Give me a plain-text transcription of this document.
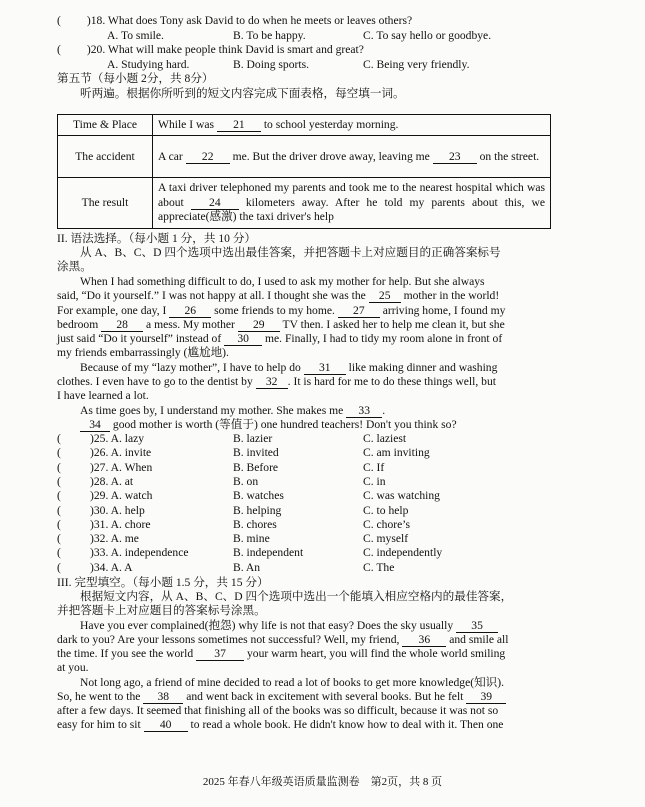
( )18. What does Tony ask David to do when he meets or leaves others?
A. To smile.	B. To be happy.	C. To say hello or goodbye.
( )20. What will make people think David is smart and great?
A. Studying hard.	B. Doing sports.	C. Being very friendly.
第五节（每小题 2分，共 8分）
听两遍。根据你所听到的短文内容完成下面表格，每空填一词。
Time & Place	While I was 21 to school yesterday morning.
The accident	A car 22 me. But the driver drove away, leaving me 23 on the street.
The result	A taxi driver telephoned my parents and took me to the nearest hospital which was about 24 kilometers away. After he told my parents about this, we appreciate(感激) the taxi driver's help
II. 语法选择。（每小题 1 分，共 10 分）
从 A、B、C、D 四个选项中选出最佳答案，并把答题卡上对应题目的正确答案标号
涂黑。
When I had something difficult to do, I used to ask my mother for help. But she always
said, “Do it yourself.” I was not happy at all. I thought she was the 25 mother in the world!
For example, one day, I 26 some friends to my home. 27 arriving home, I found my
bedroom 28 a mess. My mother 29 TV then. I asked her to help me clean it, but she
just said “Do it yourself” instead of 30 me. Finally, I had to tidy my room alone in front of
my friends embarrassingly (尴尬地).
Because of my “lazy mother”, I have to help do 31 like making dinner and washing
clothes. I even have to go to the dentist by 32 . It is hard for me to do these things well, but
I have learned a lot.
As time goes by, I understand my mother. She makes me 33 .
34 good mother is worth (等值于) one hundred teachers! Don't you think so?
(	)25. A. lazy	B. lazier	C. laziest
(	)26. A. invite	B. invited	C. am inviting
(	)27. A. When	B. Before	C. If
(	)28. A. at	B. on	C. in
(	)29. A. watch	B. watches	C. was watching
(	)30. A. help	B. helping	C. to help
(	)31. A. chore	B. chores	C. chore’s
(	)32. A. me	B. mine	C. myself
(	)33. A. independence	B. independent	C. independently
(	)34. A. A	B. An	C. The
III. 完型填空。（每小题 1.5 分，共 15 分）
根据短文内容，从 A、B、C、D 四个选项中选出一个能填入相应空格内的最佳答案，
并把答题卡上对应题目的答案标号涂黑。
Have you ever complained(抱怨) why life is not that easy? Does the sky usually 35
dark to you? Are your lessons sometimes not successful? Well, my friend, 36 and smile all
the time. If you see the world 37 your warm heart, you will find the whole world smiling
at you.
Not long ago, a friend of mine decided to read a lot of books to get more knowledge(知识).
So, he went to the 38 and went back in excitement with several books. But he felt 39
after a few days. It seemed that finishing all of the books was so difficult, because it was not so
easy for him to sit 40 to read a whole book. He didn't know how to deal with it. Then one
2025 年春八年级英语质量监测卷　第2页，共 8 页
